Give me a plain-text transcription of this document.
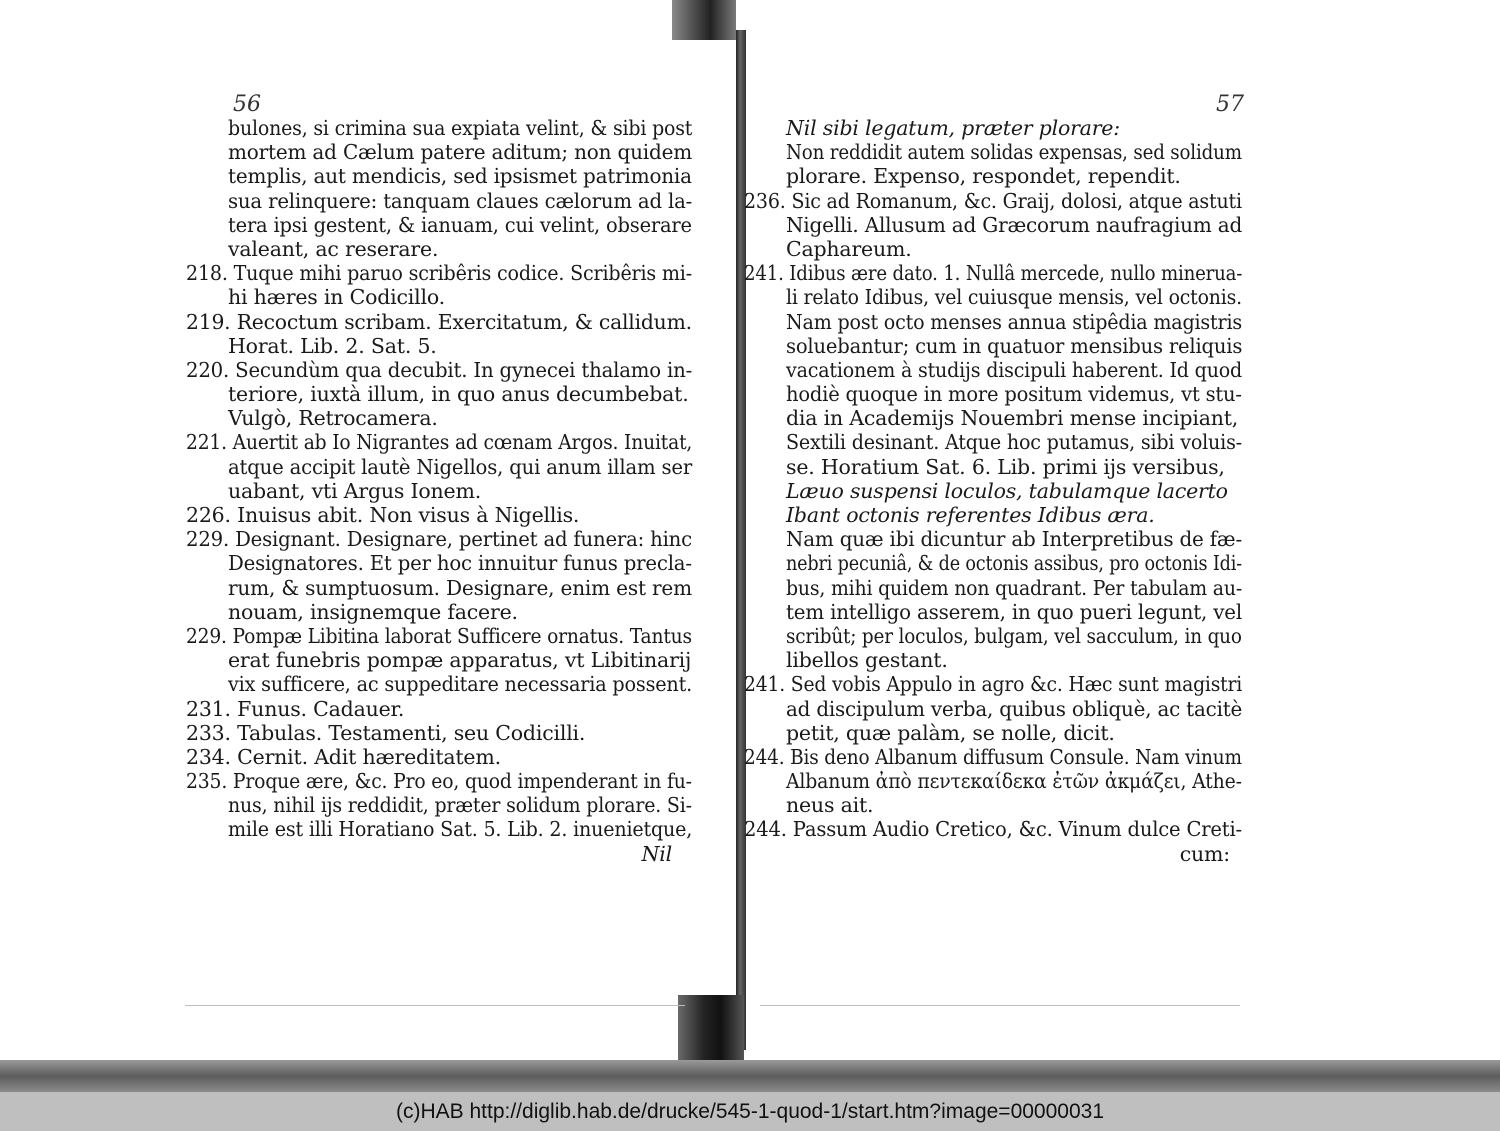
56
bulones, si crimina sua expiata velint, & sibi post
mortem ad Cælum patere aditum; non quidem
templis, aut mendicis, sed ipsismet patrimonia
sua relinquere: tanquam claues cælorum ad la-
tera ipsi gestent, & ianuam, cui velint, obserare
valeant, ac reserare.
218. Tuque mihi paruo scribêris codice. Scribêris mi-
hi hæres in Codicillo.
219. Recoctum scribam. Exercitatum, & callidum.
Horat. Lib. 2. Sat. 5.
220. Secundùm qua decubit. In gynecei thalamo in-
teriore, iuxtà illum, in quo anus decumbebat.
Vulgò, Retrocamera.
221. Auertit ab Io Nigrantes ad cœnam Argos. Inuitat,
atque accipit lautè Nigellos, qui anum illam ser
uabant, vti Argus Ionem.
226. Inuisus abit. Non visus à Nigellis.
229. Designant. Designare, pertinet ad funera: hinc
Designatores. Et per hoc innuitur funus precla-
rum, & sumptuosum. Designare, enim est rem
nouam, insignemque facere.
229. Pompæ Libitina laborat Sufficere ornatus. Tantus
erat funebris pompæ apparatus, vt Libitinarij
vix sufficere, ac suppeditare necessaria possent.
231. Funus. Cadauer.
233. Tabulas. Testamenti, seu Codicilli.
234. Cernit. Adit hæreditatem.
235. Proque ære, &c. Pro eo, quod impenderant in fu-
nus, nihil ijs reddidit, præter solidum plorare. Si-
mile est illi Horatiano Sat. 5. Lib. 2. inuenietque,
Nil
57
Nil sibi legatum, præter plorare:
Non reddidit autem solidas expensas, sed solidum
plorare. Expenso, respondet, rependit.
236. Sic ad Romanum, &c. Graij, dolosi, atque astuti
Nigelli. Allusum ad Græcorum naufragium ad
Caphareum.
241. Idibus ære dato. 1. Nullâ mercede, nullo minerua-
li relato Idibus, vel cuiusque mensis, vel octonis.
Nam post octo menses annua stipêdia magistris
soluebantur; cum in quatuor mensibus reliquis
vacationem à studijs discipuli haberent. Id quod
hodiè quoque in more positum videmus, vt stu-
dia in Academijs Nouembri mense incipiant,
Sextili desinant. Atque hoc putamus, sibi voluis-
se. Horatium Sat. 6. Lib. primi ijs versibus,
Læuo suspensi loculos, tabulamque lacerto
Ibant octonis referentes Idibus æra.
Nam quæ ibi dicuntur ab Interpretibus de fæ-
nebri pecuniâ, & de octonis assibus, pro octonis Idi-
bus, mihi quidem non quadrant. Per tabulam au-
tem intelligo asserem, in quo pueri legunt, vel
scribût; per loculos, bulgam, vel sacculum, in quo
libellos gestant.
241. Sed vobis Appulo in agro &c. Hæc sunt magistri
ad discipulum verba, quibus obliquè, ac tacitè
petit, quæ palàm, se nolle, dicit.
244. Bis deno Albanum diffusum Consule. Nam vinum
Albanum ἀπὸ πεντεκαίδεκα ἐτῶν ἀκμάζει, Athe-
neus ait.
244. Passum Audio Cretico, &c. Vinum dulce Creti-
cum:
(c)HAB http://diglib.hab.de/drucke/545-1-quod-1/start.htm?image=00000031
